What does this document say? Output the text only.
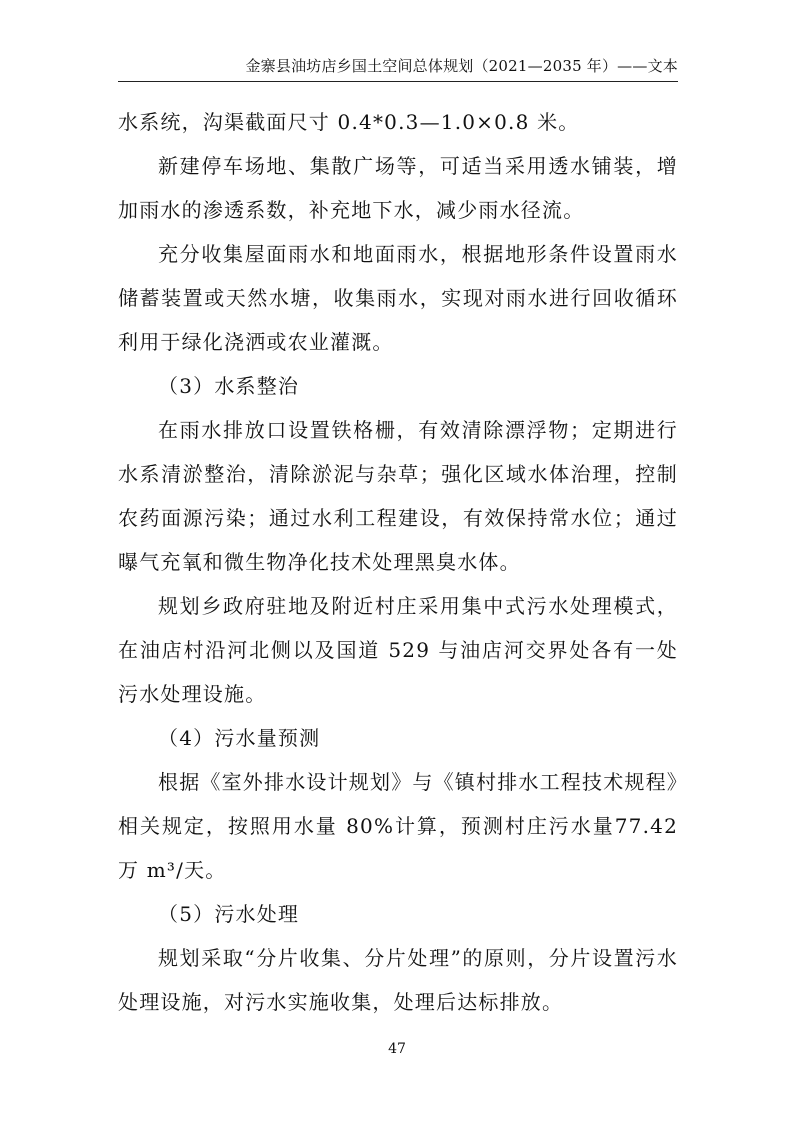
金寨县油坊店乡国土空间总体规划（2021—2035 年）——文本

水系统，沟渠截面尺寸 0.4*0.3—1.0×0.8 米。

新建停车场地、集散广场等，可适当采用透水铺装，增加雨水的渗透系数，补充地下水，减少雨水径流。

充分收集屋面雨水和地面雨水，根据地形条件设置雨水储蓄装置或天然水塘，收集雨水，实现对雨水进行回收循环利用于绿化浇洒或农业灌溉。

（3）水系整治

在雨水排放口设置铁格栅，有效清除漂浮物；定期进行水系清淤整治，清除淤泥与杂草；强化区域水体治理，控制农药面源污染；通过水利工程建设，有效保持常水位；通过曝气充氧和微生物净化技术处理黑臭水体。

规划乡政府驻地及附近村庄采用集中式污水处理模式，在油店村沿河北侧以及国道 529 与油店河交界处各有一处污水处理设施。

（4）污水量预测

根据《室外排水设计规划》与《镇村排水工程技术规程》相关规定，按照用水量 80%计算，预测村庄污水量77.42 万 m³/天。

（5）污水处理

规划采取“分片收集、分片处理”的原则，分片设置污水处理设施，对污水实施收集，处理后达标排放。

47
